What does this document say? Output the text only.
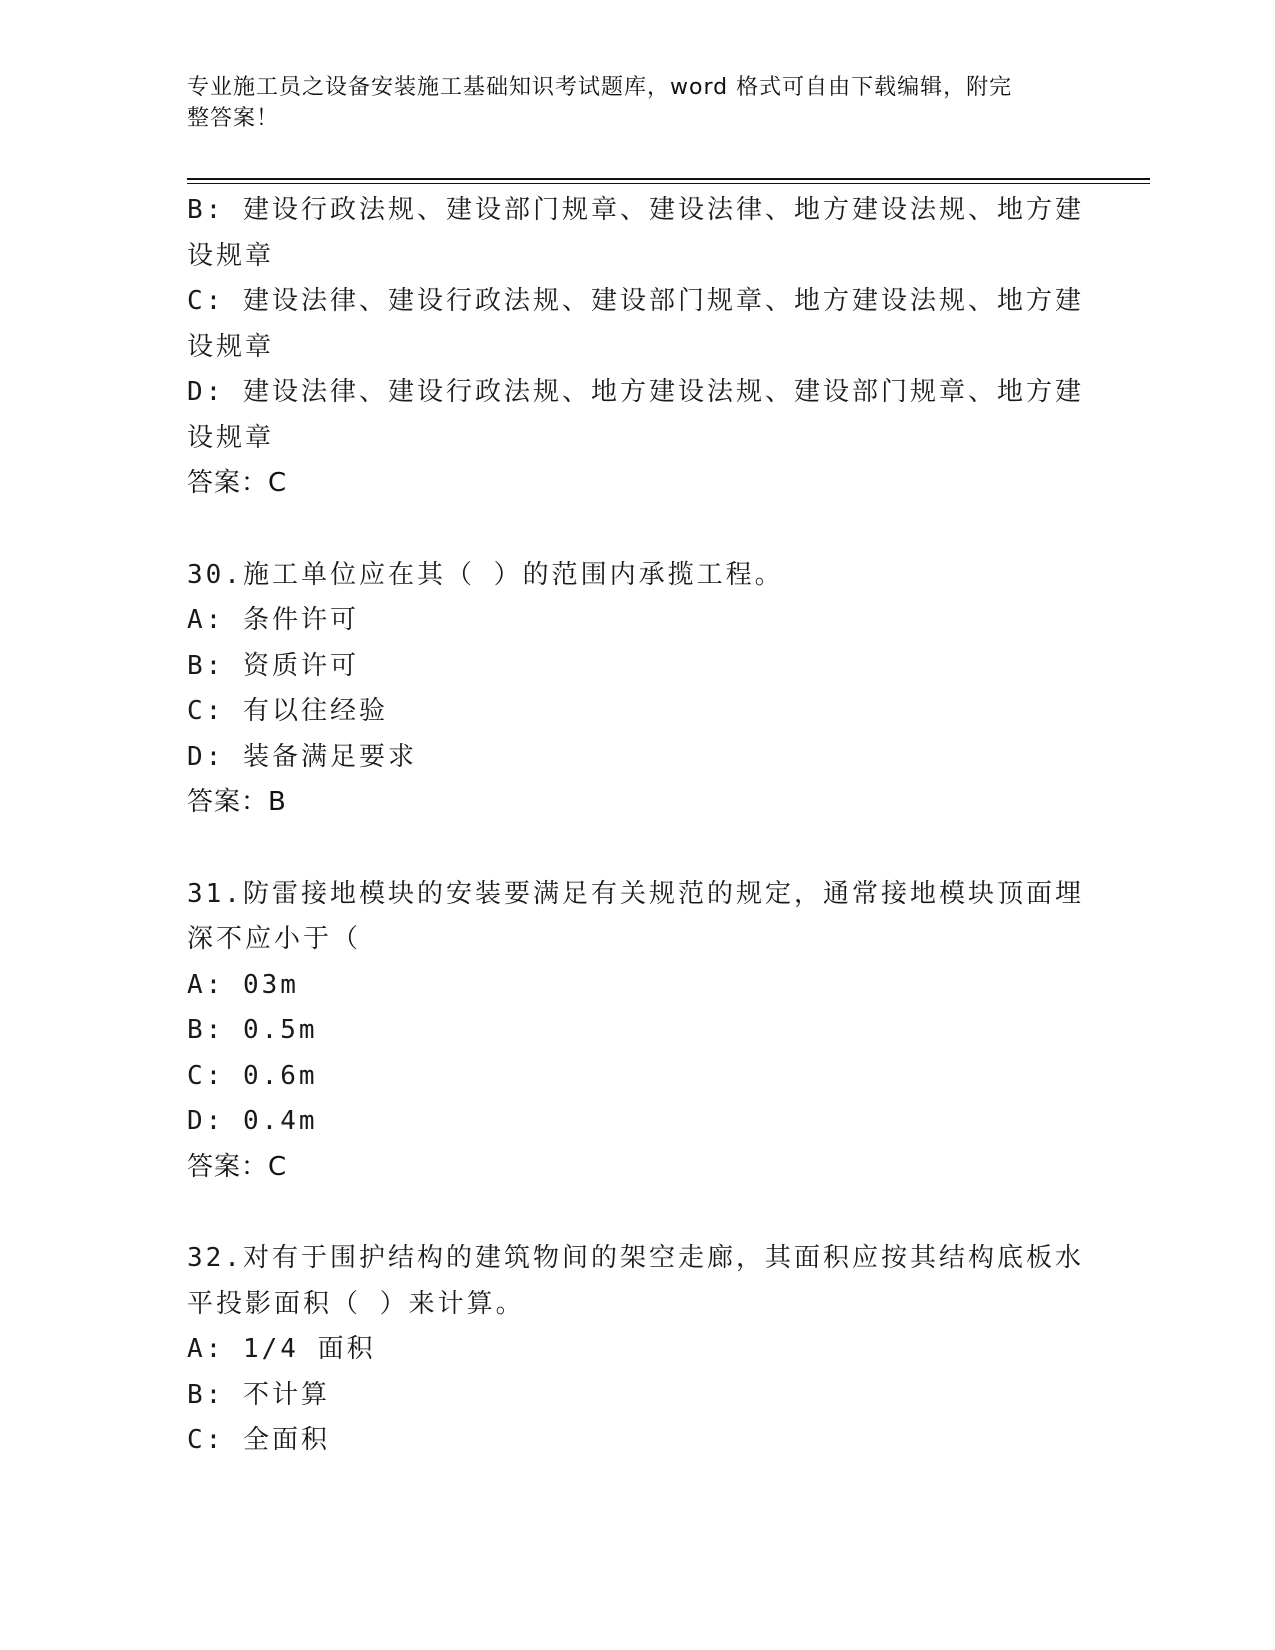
专业施工员之设备安装施工基础知识考试题库，word 格式可自由下载编辑，附完
整答案！
B: 建设行政法规、建设部门规章、建设法律、地方建设法规、地方建
设规章
C: 建设法律、建设行政法规、建设部门规章、地方建设法规、地方建
设规章
D: 建设法律、建设行政法规、地方建设法规、建设部门规章、地方建
设规章
答案：C
30.施工单位应在其（ ）的范围内承揽工程。
A: 条件许可
B: 资质许可
C: 有以往经验
D: 装备满足要求
答案：B
31.防雷接地模块的安装要满足有关规范的规定，通常接地模块顶面埋
深不应小于（
A: 03m
B: 0.5m
C: 0.6m
D: 0.4m
答案：C
32.对有于围护结构的建筑物间的架空走廊，其面积应按其结构底板水
平投影面积（ ）来计算。
A: 1/4 面积
B: 不计算
C: 全面积
